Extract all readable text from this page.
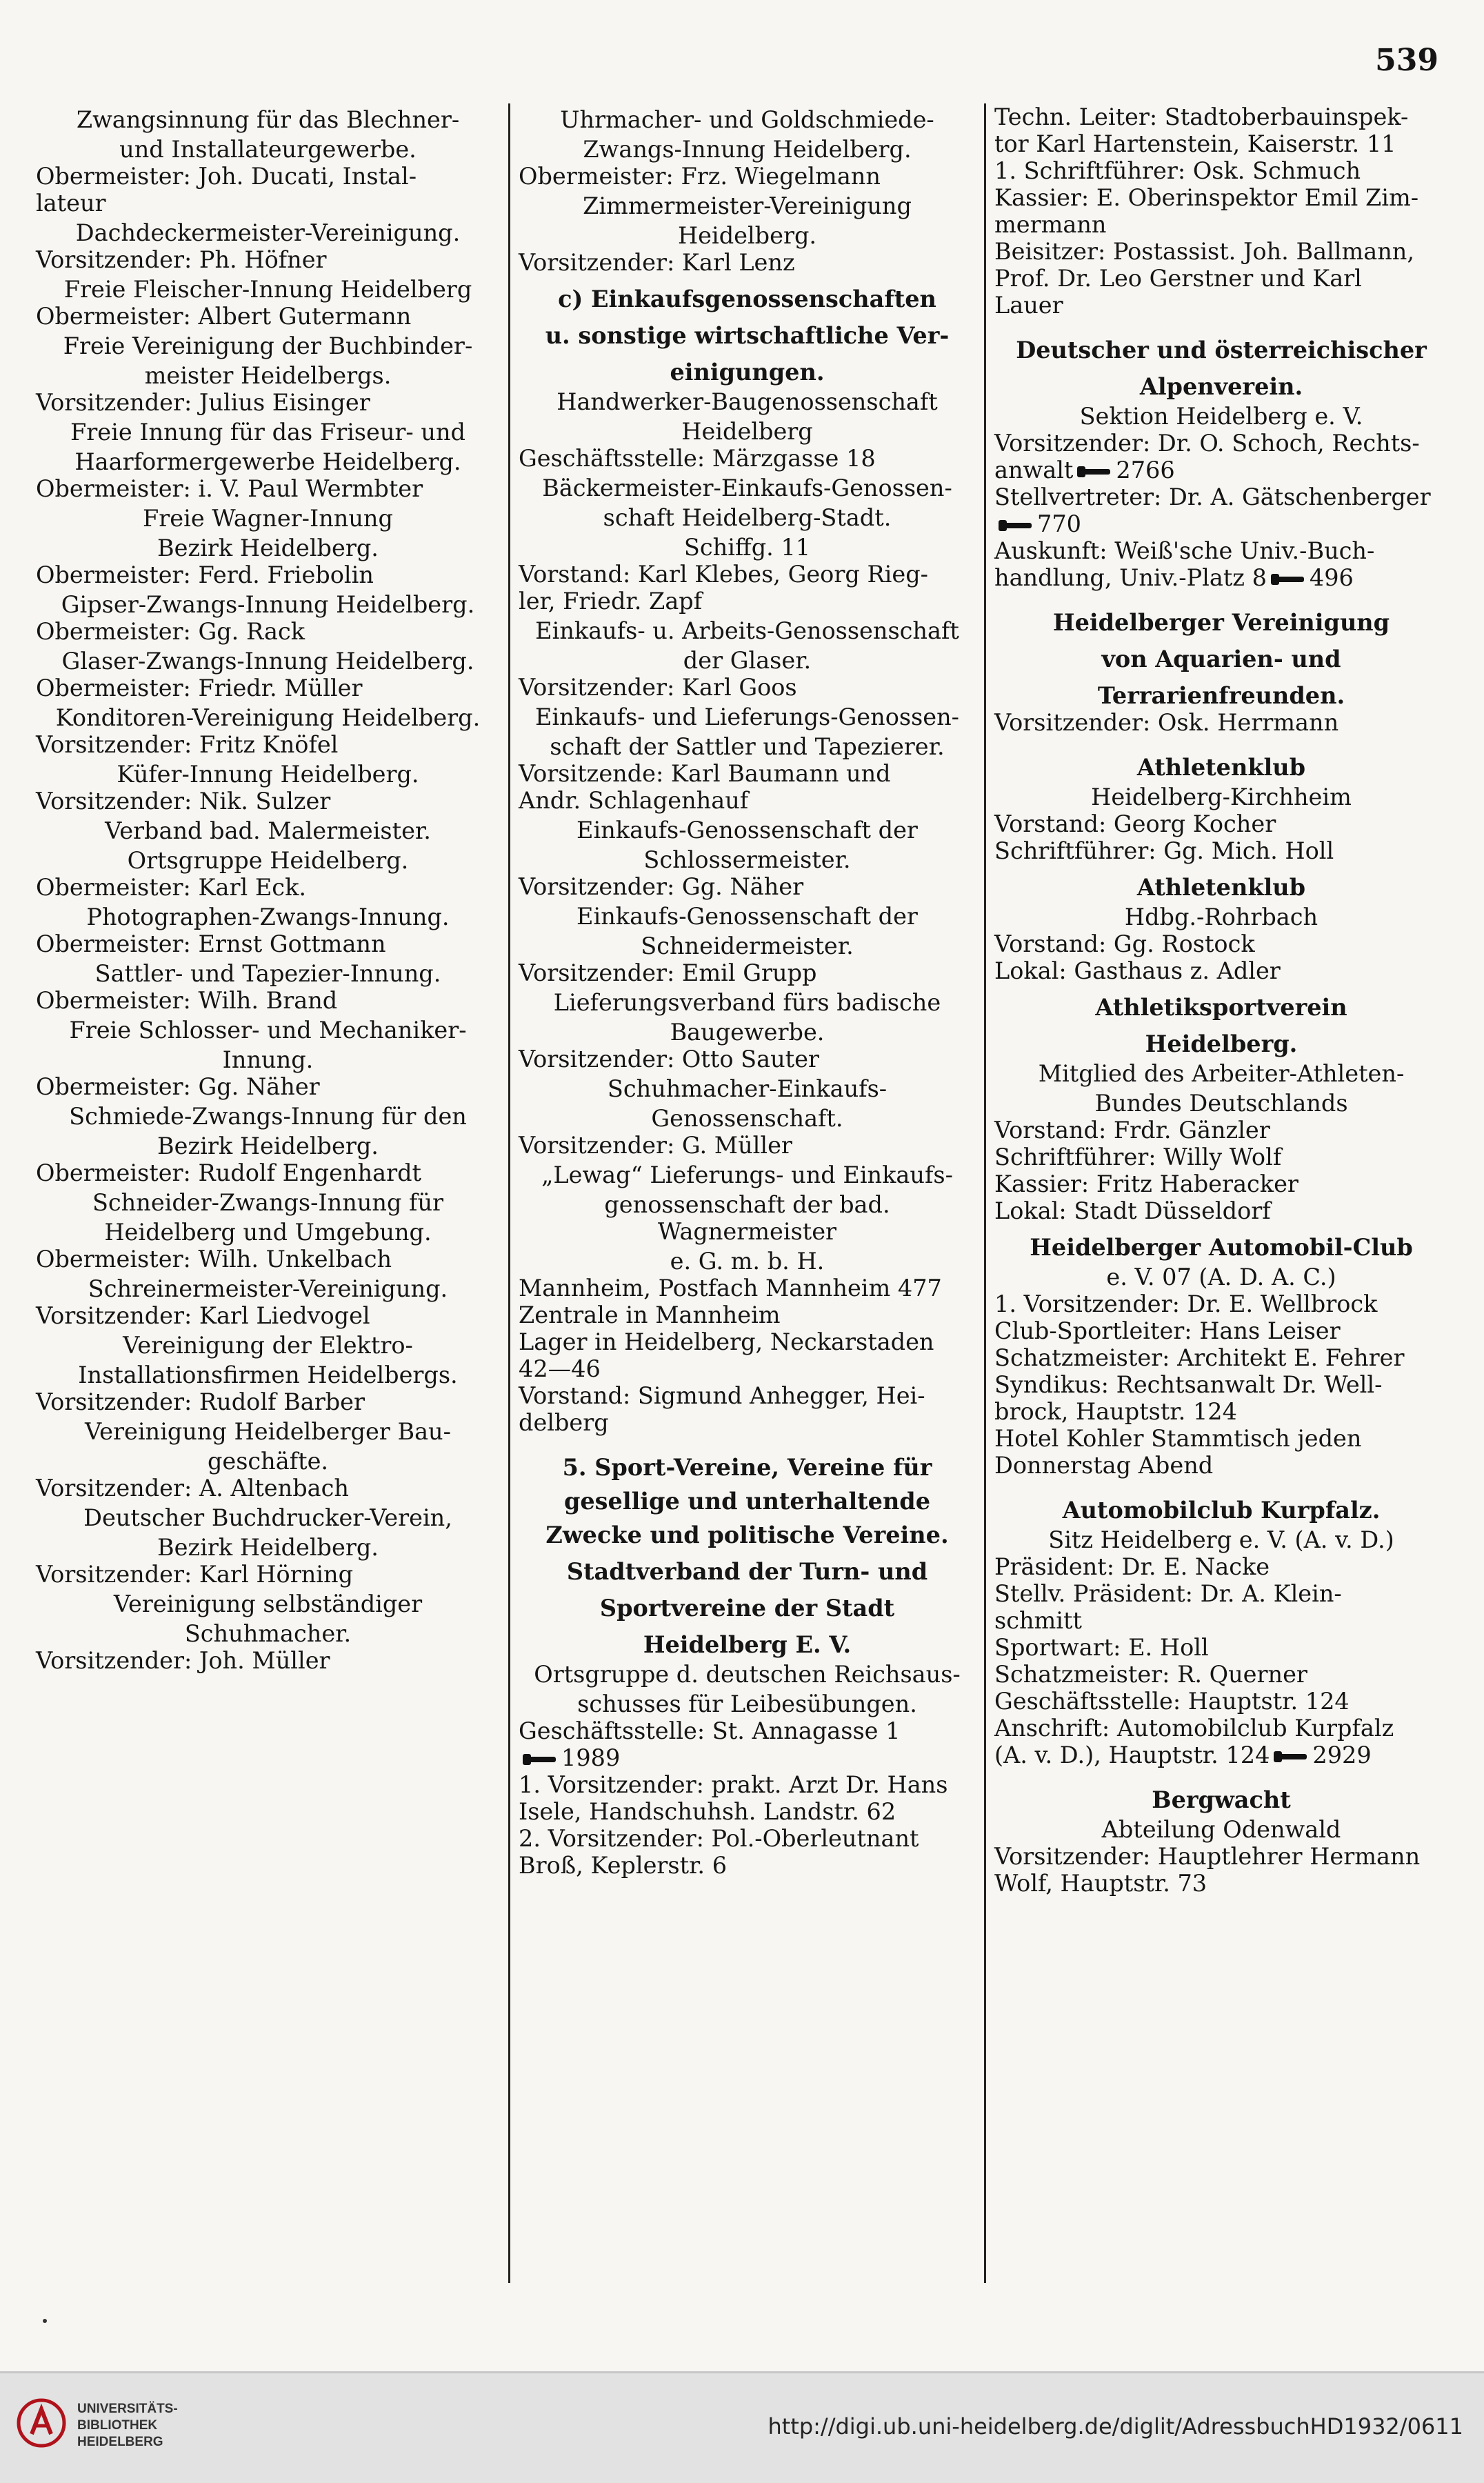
539
Zwangsinnung für das Blechner-
und Installateurgewerbe.
Obermeister: Joh. Ducati, Instal-
lateur
Dachdeckermeister-Vereinigung.
Vorsitzender: Ph. Höfner
Freie Fleischer-Innung Heidelberg
Obermeister: Albert Gutermann
Freie Vereinigung der Buchbinder-
meister Heidelbergs.
Vorsitzender: Julius Eisinger
Freie Innung für das Friseur- und
Haarformergewerbe Heidelberg.
Obermeister: i. V. Paul Wermbter
Freie Wagner-Innung
Bezirk Heidelberg.
Obermeister: Ferd. Friebolin
Gipser-Zwangs-Innung Heidelberg.
Obermeister: Gg. Rack
Glaser-Zwangs-Innung Heidelberg.
Obermeister: Friedr. Müller
Konditoren-Vereinigung Heidelberg.
Vorsitzender: Fritz Knöfel
Küfer-Innung Heidelberg.
Vorsitzender: Nik. Sulzer
Verband bad. Malermeister.
Ortsgruppe Heidelberg.
Obermeister: Karl Eck.
Photographen-Zwangs-Innung.
Obermeister: Ernst Gottmann
Sattler- und Tapezier-Innung.
Obermeister: Wilh. Brand
Freie Schlosser- und Mechaniker-
Innung.
Obermeister: Gg. Näher
Schmiede-Zwangs-Innung für den
Bezirk Heidelberg.
Obermeister: Rudolf Engenhardt
Schneider-Zwangs-Innung für
Heidelberg und Umgebung.
Obermeister: Wilh. Unkelbach
Schreinermeister-Vereinigung.
Vorsitzender: Karl Liedvogel
Vereinigung der Elektro-
Installationsfirmen Heidelbergs.
Vorsitzender: Rudolf Barber
Vereinigung Heidelberger Bau-
geschäfte.
Vorsitzender: A. Altenbach
Deutscher Buchdrucker-Verein,
Bezirk Heidelberg.
Vorsitzender: Karl Hörning
Vereinigung selbständiger
Schuhmacher.
Vorsitzender: Joh. Müller
Uhrmacher- und Goldschmiede-
Zwangs-Innung Heidelberg.
Obermeister: Frz. Wiegelmann
Zimmermeister-Vereinigung
Heidelberg.
Vorsitzender: Karl Lenz
c) Einkaufsgenossenschaften
u. sonstige wirtschaftliche Ver-
einigungen.
Handwerker-Baugenossenschaft
Heidelberg
Geschäftsstelle: Märzgasse 18
Bäckermeister-Einkaufs-Genossen-
schaft Heidelberg-Stadt.
Schiffg. 11
Vorstand: Karl Klebes, Georg Rieg-
ler, Friedr. Zapf
Einkaufs- u. Arbeits-Genossenschaft
der Glaser.
Vorsitzender: Karl Goos
Einkaufs- und Lieferungs-Genossen-
schaft der Sattler und Tapezierer.
Vorsitzende: Karl Baumann und
Andr. Schlagenhauf
Einkaufs-Genossenschaft der
Schlossermeister.
Vorsitzender: Gg. Näher
Einkaufs-Genossenschaft der
Schneidermeister.
Vorsitzender: Emil Grupp
Lieferungsverband fürs badische
Baugewerbe.
Vorsitzender: Otto Sauter
Schuhmacher-Einkaufs-
Genossenschaft.
Vorsitzender: G. Müller
„Lewag“ Lieferungs- und Einkaufs-
genossenschaft der bad. Wagnermeister
e. G. m. b. H.
Mannheim, Postfach Mannheim 477
Zentrale in Mannheim
Lager in Heidelberg, Neckarstaden
42—46
Vorstand: Sigmund Anhegger, Hei-
delberg
5. Sport-Vereine, Vereine für
gesellige und unterhaltende
Zwecke und politische Vereine.
Stadtverband der Turn- und
Sportvereine der Stadt
Heidelberg E. V.
Ortsgruppe d. deutschen Reichsaus-
schusses für Leibesübungen.
Geschäftsstelle: St. Annagasse 1
1989
1. Vorsitzender: prakt. Arzt Dr. Hans
Isele, Handschuhsh. Landstr. 62
2. Vorsitzender: Pol.-Oberleutnant
Broß, Keplerstr. 6
Techn. Leiter: Stadtoberbauinspek-
tor Karl Hartenstein, Kaiserstr. 11
1. Schriftführer: Osk. Schmuch
Kassier: E. Oberinspektor Emil Zim-
mermann
Beisitzer: Postassist. Joh. Ballmann,
Prof. Dr. Leo Gerstner und Karl
Lauer
Deutscher und österreichischer
Alpenverein.
Sektion Heidelberg e. V.
Vorsitzender: Dr. O. Schoch, Rechts-
anwalt 2766
Stellvertreter: Dr. A. Gätschenberger
770
Auskunft: Weiß'sche Univ.-Buch-
handlung, Univ.-Platz 8 496
Heidelberger Vereinigung
von Aquarien- und
Terrarienfreunden.
Vorsitzender: Osk. Herrmann
Athletenklub
Heidelberg-Kirchheim
Vorstand: Georg Kocher
Schriftführer: Gg. Mich. Holl
Athletenklub
Hdbg.-Rohrbach
Vorstand: Gg. Rostock
Lokal: Gasthaus z. Adler
Athletiksportverein
Heidelberg.
Mitglied des Arbeiter-Athleten-
Bundes Deutschlands
Vorstand: Frdr. Gänzler
Schriftführer: Willy Wolf
Kassier: Fritz Haberacker
Lokal: Stadt Düsseldorf
Heidelberger Automobil-Club
e. V. 07 (A. D. A. C.)
1. Vorsitzender: Dr. E. Wellbrock
Club-Sportleiter: Hans Leiser
Schatzmeister: Architekt E. Fehrer
Syndikus: Rechtsanwalt Dr. Well-
brock, Hauptstr. 124
Hotel Kohler Stammtisch jeden
Donnerstag Abend
Automobilclub Kurpfalz.
Sitz Heidelberg e. V. (A. v. D.)
Präsident: Dr. E. Nacke
Stellv. Präsident: Dr. A. Klein-
schmitt
Sportwart: E. Holl
Schatzmeister: R. Querner
Geschäftsstelle: Hauptstr. 124
Anschrift: Automobilclub Kurpfalz
(A. v. D.), Hauptstr. 124 2929
Bergwacht
Abteilung Odenwald
Vorsitzender: Hauptlehrer Hermann
Wolf, Hauptstr. 73
UNIVERSITÄTS-
BIBLIOTHEK
HEIDELBERG
http://digi.ub.uni-heidelberg.de/diglit/AdressbuchHD1932/0611
